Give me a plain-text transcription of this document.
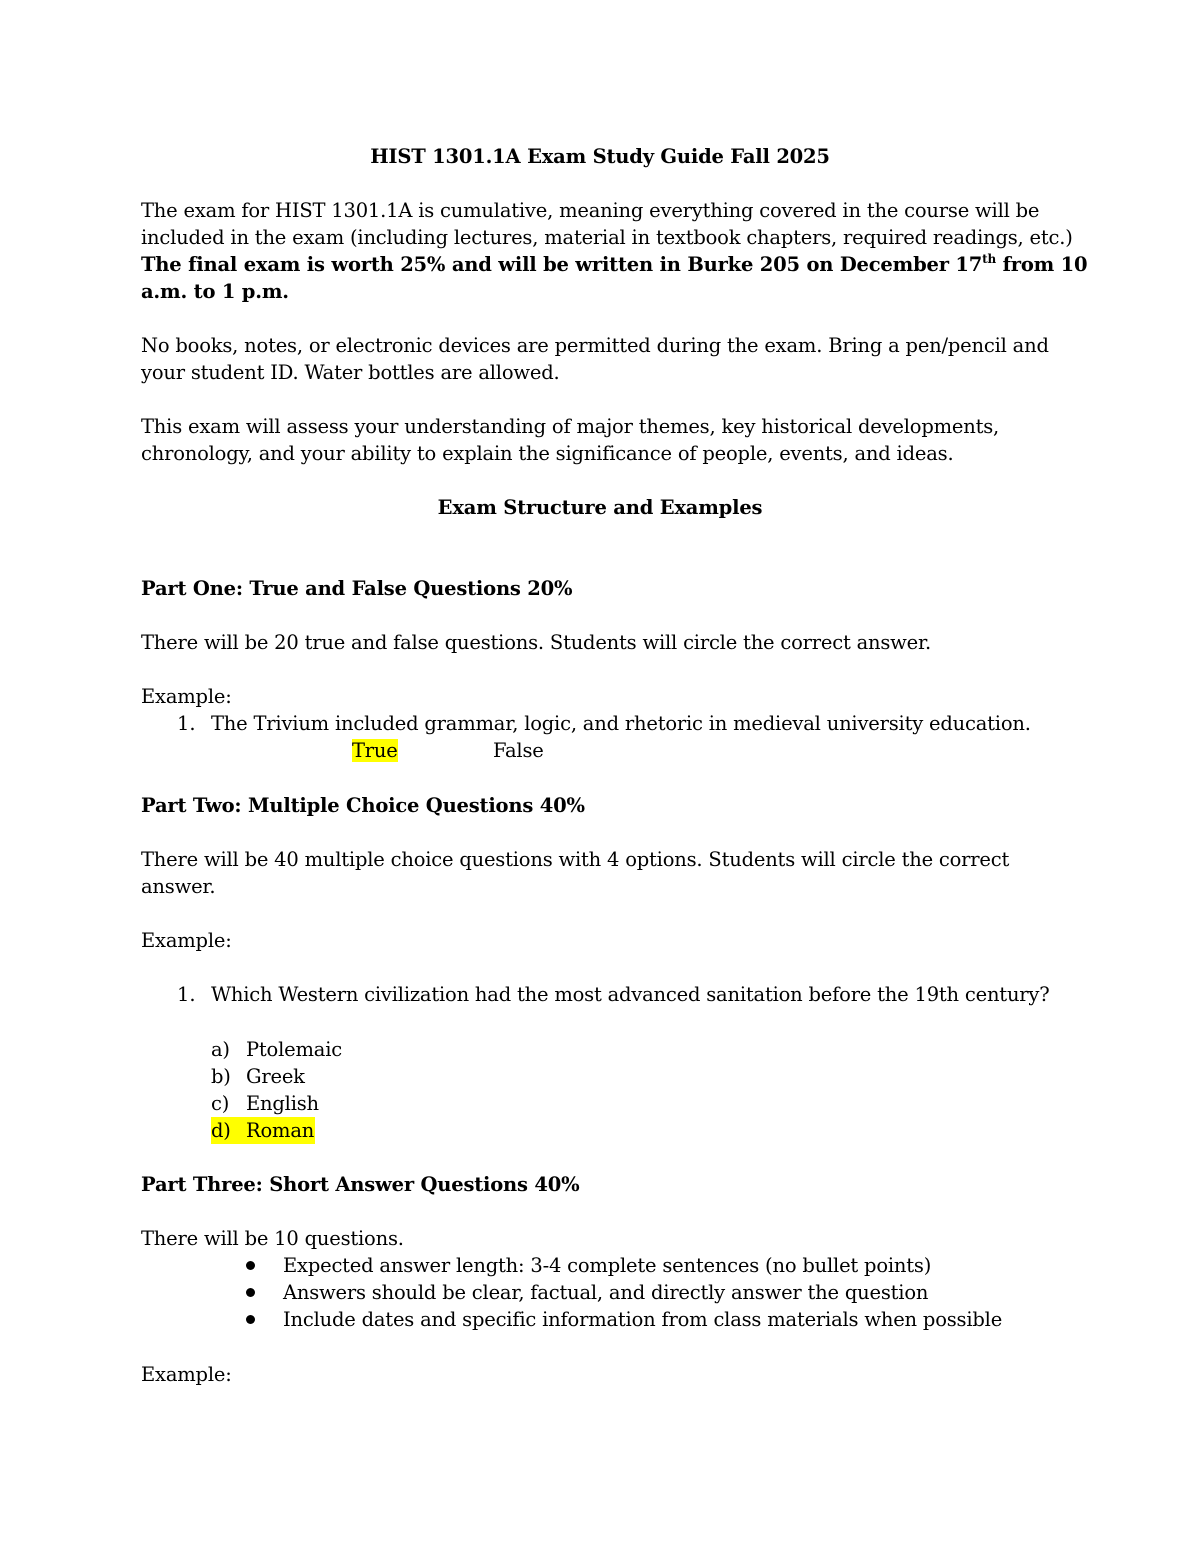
HIST 1301.1A Exam Study Guide Fall 2025
The exam for HIST 1301.1A is cumulative, meaning everything covered in the course will be
included in the exam (including lectures, material in textbook chapters, required readings, etc.)
The final exam is worth 25% and will be written in Burke 205 on December 17th from 10
a.m. to 1 p.m.
No books, notes, or electronic devices are permitted during the exam. Bring a pen/pencil and
your student ID. Water bottles are allowed.
This exam will assess your understanding of major themes, key historical developments,
chronology, and your ability to explain the significance of people, events, and ideas.
Exam Structure and Examples
Part One: True and False Questions 20%
There will be 20 true and false questions. Students will circle the correct answer.
Example:
1. The Trivium included grammar, logic, and rhetoric in medieval university education.
True	False
Part Two: Multiple Choice Questions 40%
There will be 40 multiple choice questions with 4 options. Students will circle the correct
answer.
Example:
1. Which Western civilization had the most advanced sanitation before the 19th century?
a) Ptolemaic
b) Greek
c) English
d) Roman
Part Three: Short Answer Questions 40%
There will be 10 questions.
Expected answer length: 3-4 complete sentences (no bullet points)
Answers should be clear, factual, and directly answer the question
Include dates and specific information from class materials when possible
Example:
